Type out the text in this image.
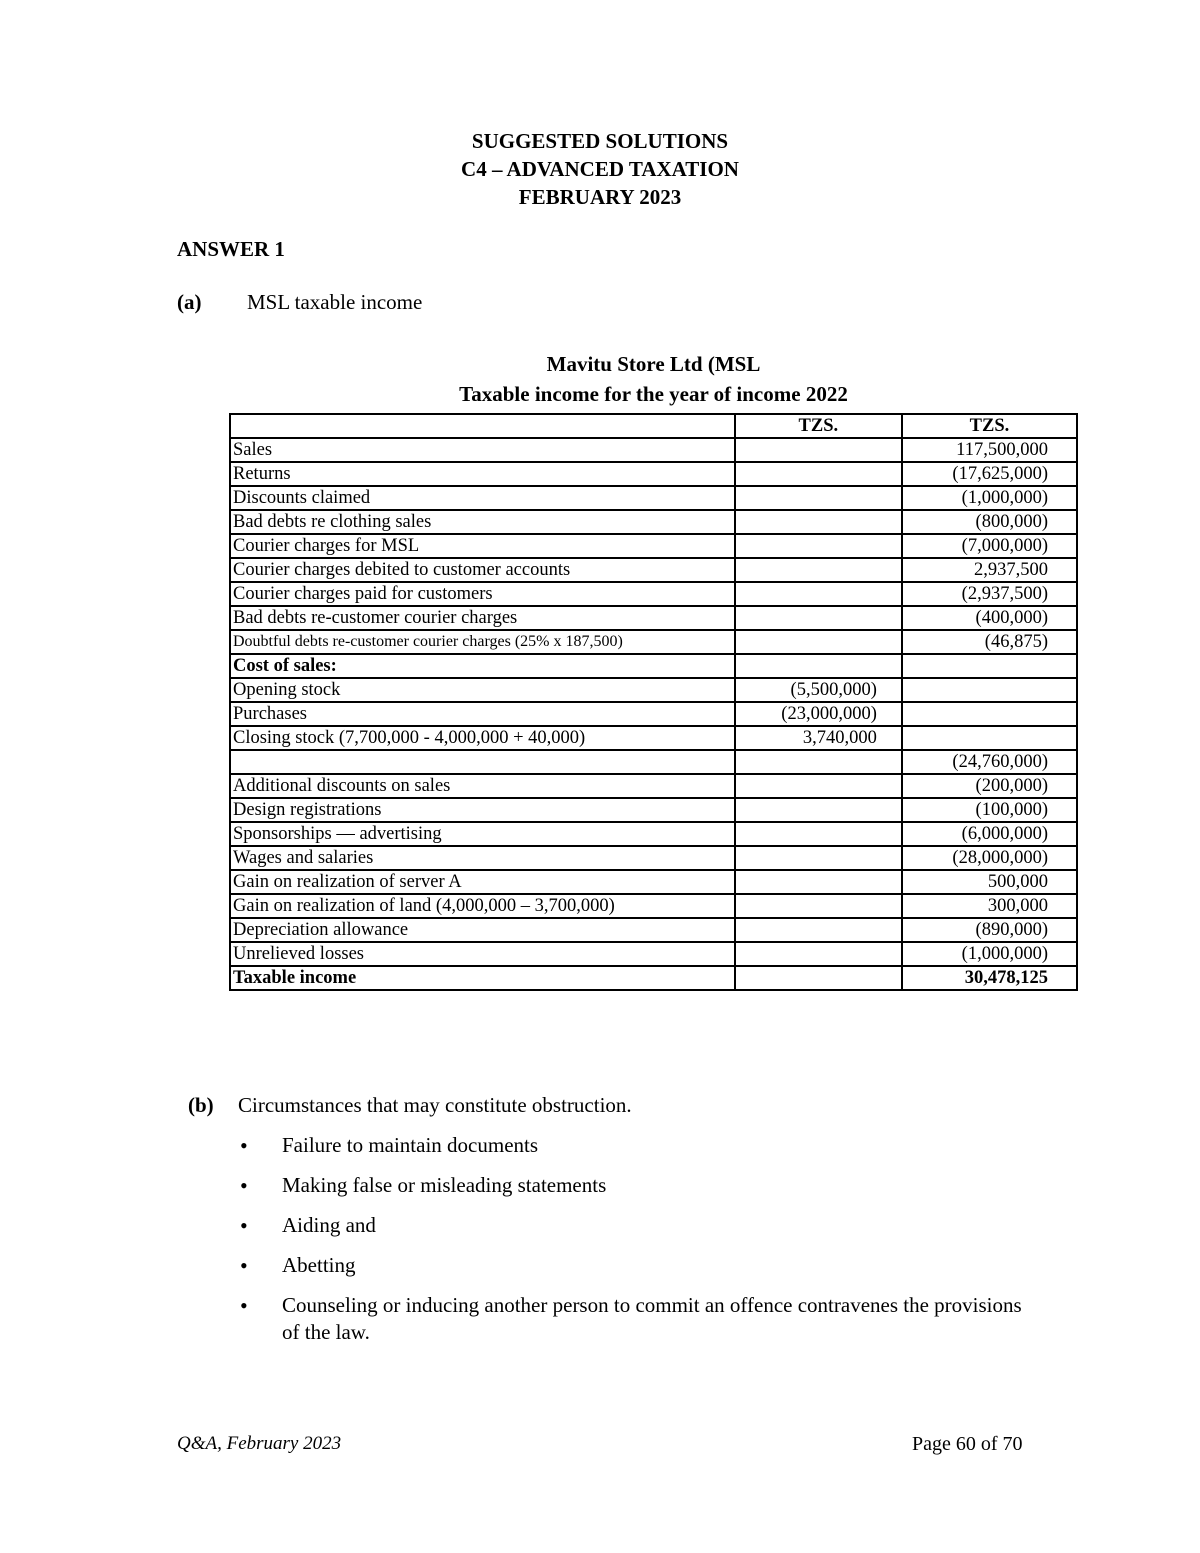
SUGGESTED SOLUTIONS
C4 – ADVANCED TAXATION
FEBRUARY 2023
ANSWER 1
(a) MSL taxable income
Mavitu Store Ltd (MSL
Taxable income for the year of income 2022
	TZS.	TZS.
Sales		117,500,000
Returns		(17,625,000)
Discounts claimed		(1,000,000)
Bad debts re clothing sales		(800,000)
Courier charges for MSL		(7,000,000)
Courier charges debited to customer accounts		2,937,500
Courier charges paid for customers		(2,937,500)
Bad debts re-customer courier charges		(400,000)
Doubtful debts re-customer courier charges (25% x 187,500)		(46,875)
Cost of sales:		
Opening stock	(5,500,000)	
Purchases	(23,000,000)	
Closing stock (7,700,000 - 4,000,000 + 40,000)	3,740,000	
		(24,760,000)
Additional discounts on sales		(200,000)
Design registrations		(100,000)
Sponsorships — advertising		(6,000,000)
Wages and salaries		(28,000,000)
Gain on realization of server A		500,000
Gain on realization of land (4,000,000 – 3,700,000)		300,000
Depreciation allowance		(890,000)
Unrelieved losses		(1,000,000)
Taxable income		30,478,125
(b) Circumstances that may constitute obstruction.
• Failure to maintain documents
• Making false or misleading statements
• Aiding and
• Abetting
• Counseling or inducing another person to commit an offence contravenes the provisions of the law.
Q&A, February 2023	Page 60 of 70
